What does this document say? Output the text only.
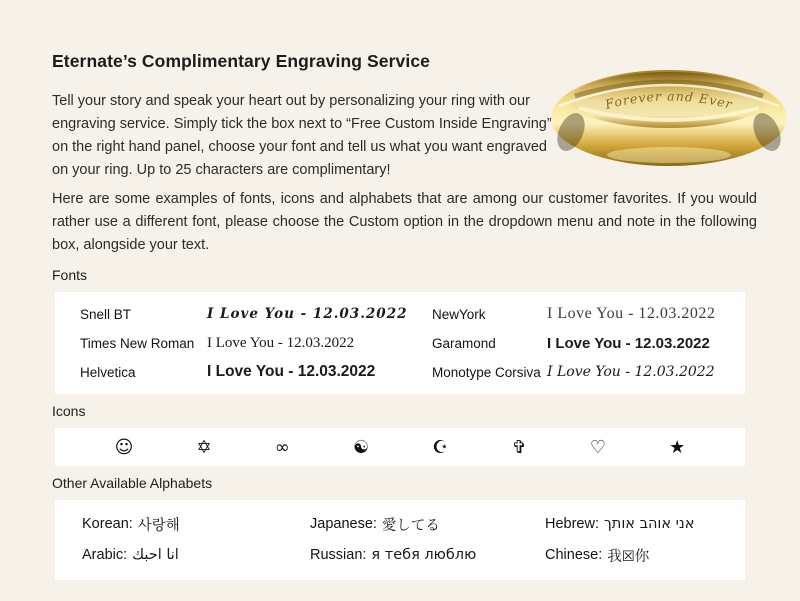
Eternate’s Complimentary Engraving Service

Tell your story and speak your heart out by personalizing your ring with our engraving service. Simply tick the box next to “Free Custom Inside Engraving” on the right hand panel, choose your font and tell us what you want engraved on your ring. Up to 25 characters are complimentary!

Here are some examples of fonts, icons and alphabets that are among our customer favorites. If you would rather use a different font, please choose the Custom option in the dropdown menu and note in the following box, alongside your text.

Forever and Ever
Fonts
Snell BT	I Love You - 12.03.2022	NewYork	I Love You - 12.03.2022
Times New Roman I Love You - 12.03.2022	Garamond	I Love You - 12.03.2022
Helvetica	I Love You - 12.03.2022	Monotype Corsiva I Love You - 12.03.2022
Icons
☺	✡	∞	☯	☪	✞	♡	★
Other Available Alphabets
Korean: 사랑해	Japanese: 愛してる	Hebrew: אני אוהב אותך
Arabic: انا احبك	Russian: я тебя люблю	Chinese: 我☒你
